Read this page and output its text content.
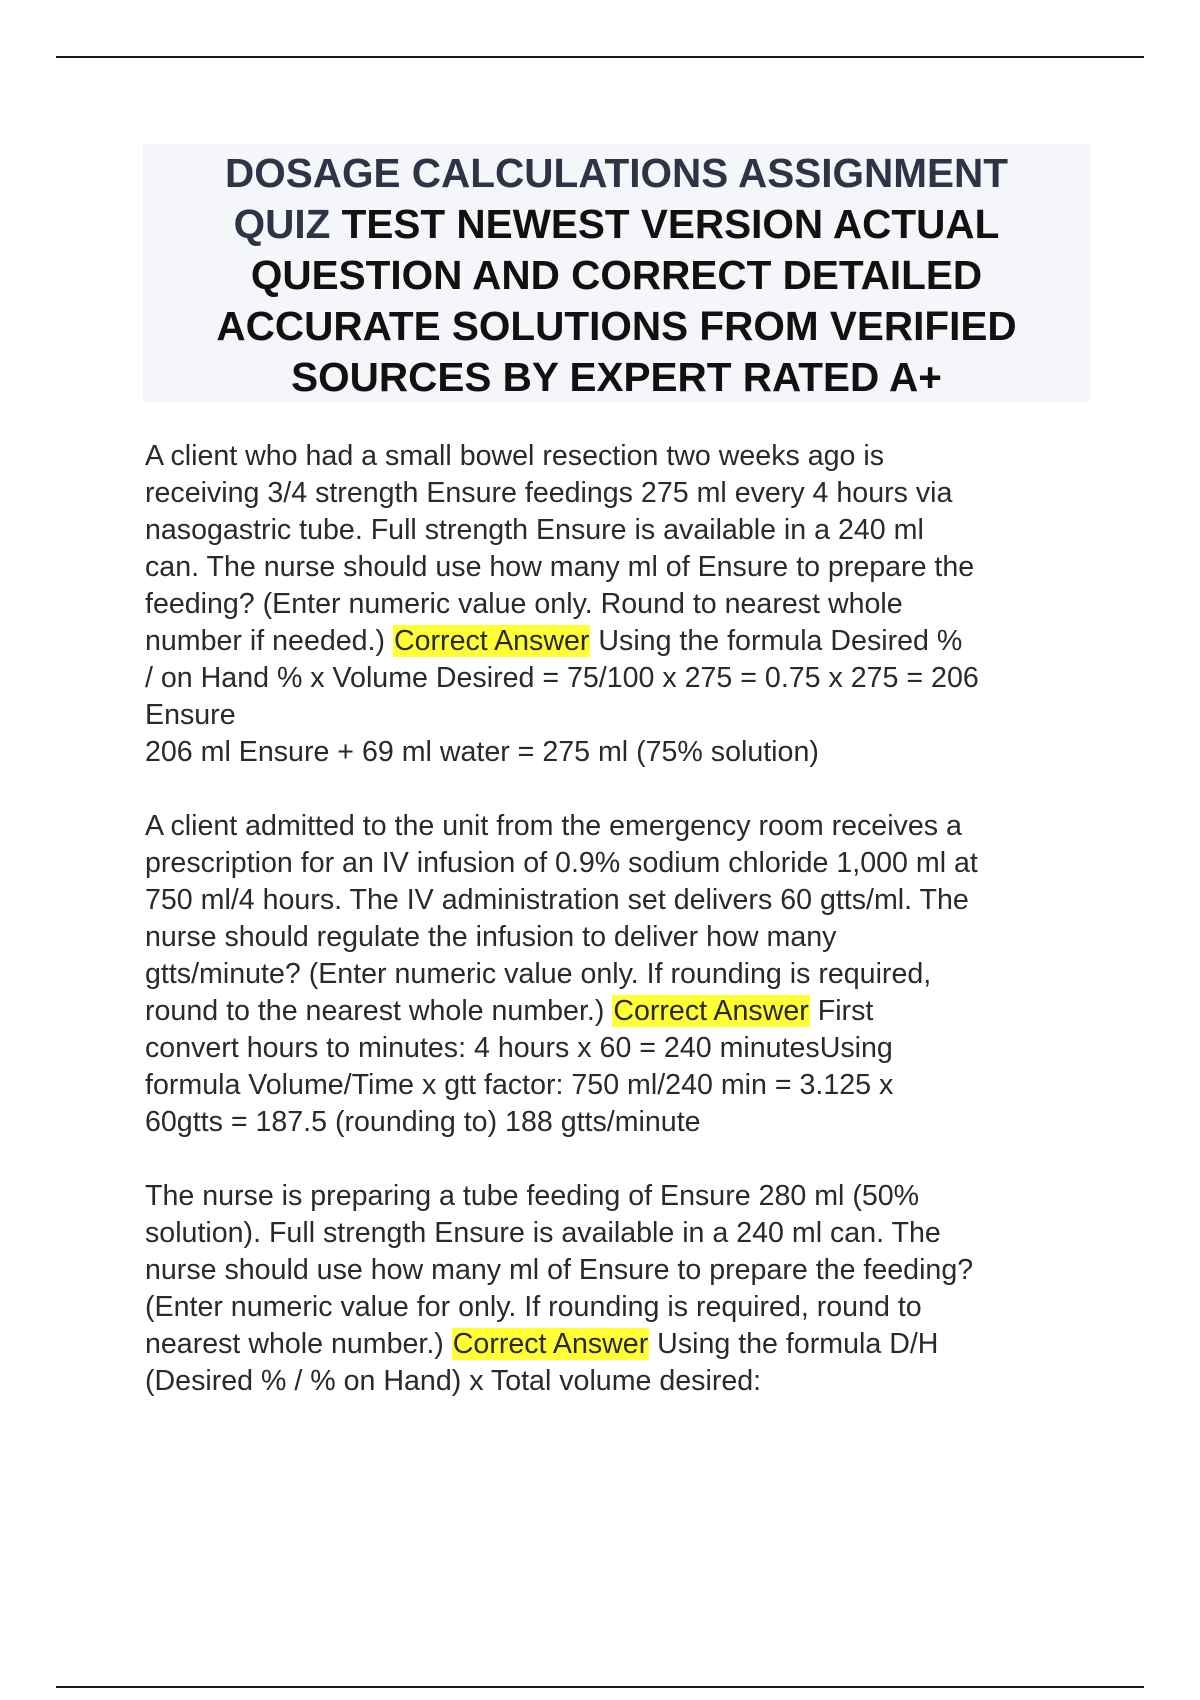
DOSAGE CALCULATIONS ASSIGNMENT
QUIZ TEST NEWEST VERSION ACTUAL
QUESTION AND CORRECT DETAILED
ACCURATE SOLUTIONS FROM VERIFIED
SOURCES BY EXPERT RATED A+
A client who had a small bowel resection two weeks ago is
receiving 3/4 strength Ensure feedings 275 ml every 4 hours via
nasogastric tube. Full strength Ensure is available in a 240 ml
can. The nurse should use how many ml of Ensure to prepare the
feeding? (Enter numeric value only. Round to nearest whole
number if needed.) Correct Answer Using the formula Desired %
/ on Hand % x Volume Desired = 75/100 x 275 = 0.75 x 275 = 206
Ensure
206 ml Ensure + 69 ml water = 275 ml (75% solution)
A client admitted to the unit from the emergency room receives a
prescription for an IV infusion of 0.9% sodium chloride 1,000 ml at
750 ml/4 hours. The IV administration set delivers 60 gtts/ml. The
nurse should regulate the infusion to deliver how many
gtts/minute? (Enter numeric value only. If rounding is required,
round to the nearest whole number.) Correct Answer First
convert hours to minutes: 4 hours x 60 = 240 minutesUsing
formula Volume/Time x gtt factor: 750 ml/240 min = 3.125 x
60gtts = 187.5 (rounding to) 188 gtts/minute
The nurse is preparing a tube feeding of Ensure 280 ml (50%
solution). Full strength Ensure is available in a 240 ml can. The
nurse should use how many ml of Ensure to prepare the feeding?
(Enter numeric value for only. If rounding is required, round to
nearest whole number.) Correct Answer Using the formula D/H
(Desired % / % on Hand) x Total volume desired:
